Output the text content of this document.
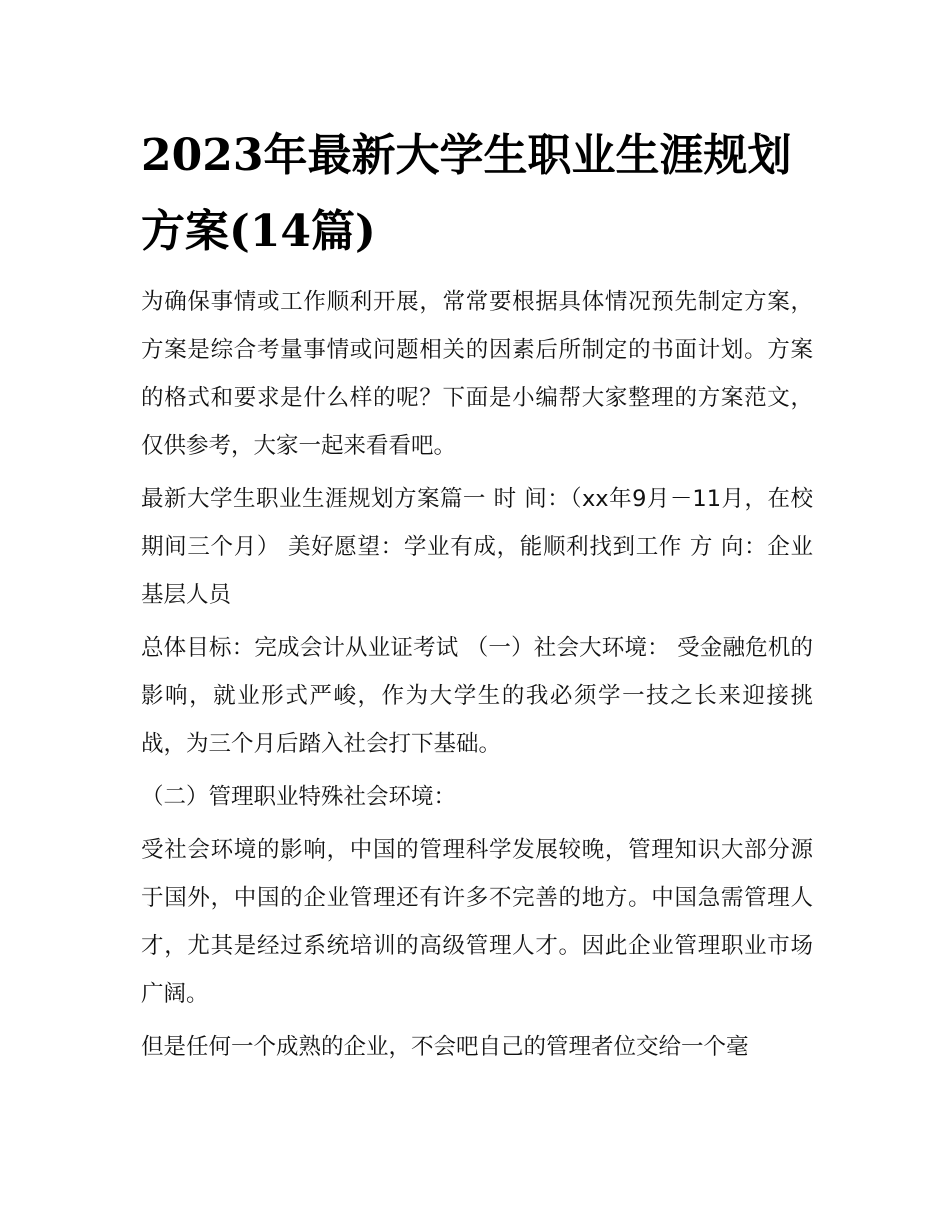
2023年最新大学生职业生涯规划方案(14篇)

为确保事情或工作顺利开展，常常要根据具体情况预先制定方案，方案是综合考量事情或问题相关的因素后所制定的书面计划。方案的格式和要求是什么样的呢？下面是小编帮大家整理的方案范文，仅供参考，大家一起来看看吧。

最新大学生职业生涯规划方案篇一 时 间：（xx年9月－11月，在校期间三个月） 美好愿望：学业有成，能顺利找到工作 方 向：企业基层人员

总体目标：完成会计从业证考试 （一）社会大环境： 受金融危机的影响，就业形式严峻，作为大学生的我必须学一技之长来迎接挑战，为三个月后踏入社会打下基础。

（二）管理职业特殊社会环境：

受社会环境的影响，中国的管理科学发展较晚，管理知识大部分源于国外，中国的企业管理还有许多不完善的地方。中国急需管理人才，尤其是经过系统培训的高级管理人才。因此企业管理职业市场广阔。

但是任何一个成熟的企业，不会吧自己的管理者位交给一个毫
